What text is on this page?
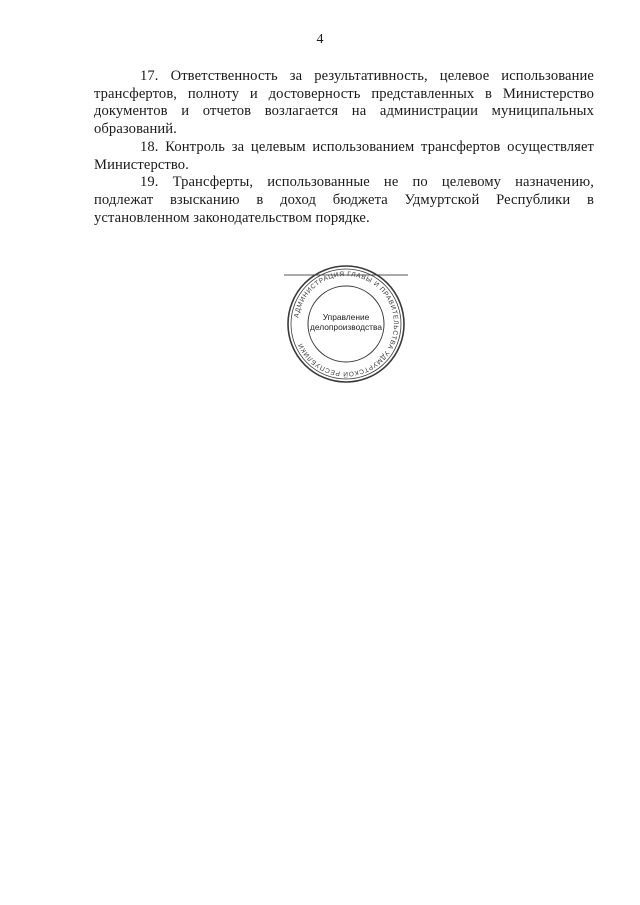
4

17. Ответственность за результативность, целевое использование трансфертов, полноту и достоверность представленных в Министерство документов и отчетов возлагается на администрации муниципальных образований.

18. Контроль за целевым использованием трансфертов осуществляет Министерство.

19. Трансферты, использованные не по целевому назначению, подлежат взысканию в доход бюджета Удмуртской Республики в установленном законодательством порядке.

АДМИНИСТРАЦИЯ ГЛАВЫ И ПРАВИТЕЛЬСТВА УДМУРТСКОЙ РЕСПУБЛИКИ
Управление
делопроизводства
